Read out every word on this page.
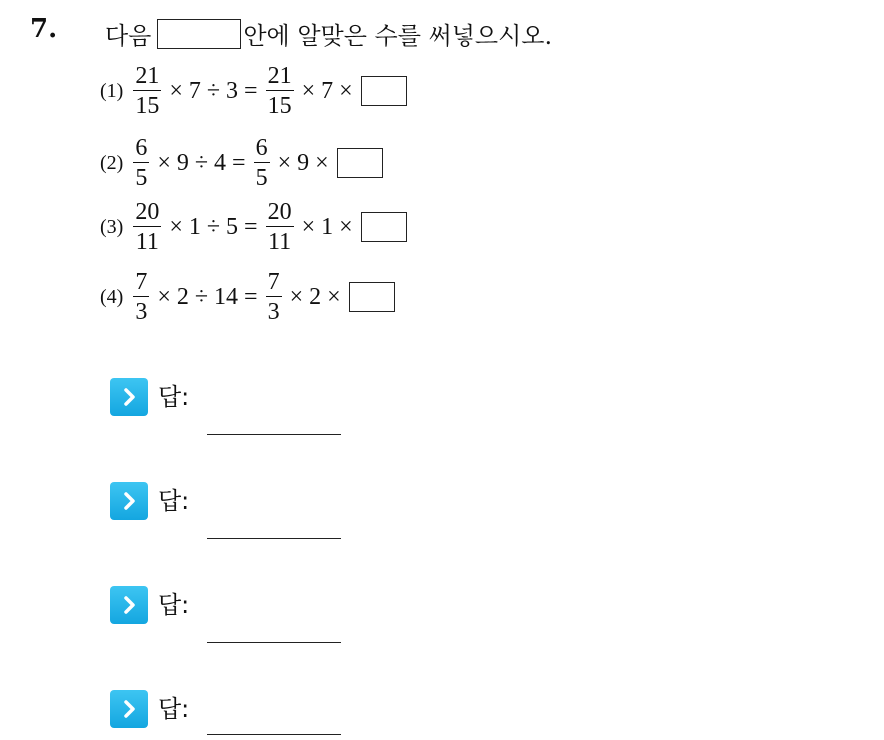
7. 다음	안에 알맞은 수를 써넣으시오.
$(1) \frac{21}{15} \times 7 \div 3 = \frac{21}{15} \times 7$ ×
$(2) \frac{6}{5} \times 9 \div 4 = \frac{6}{5} \times 9$ ×
$(3) \frac{20}{11} \times 1 \div 5 = \frac{20}{11} \times 1$ ×
$(4) \frac{7}{3} \times 2 \div 14 = \frac{7}{3} \times 2$ ×
답:
답:
답:
답:
